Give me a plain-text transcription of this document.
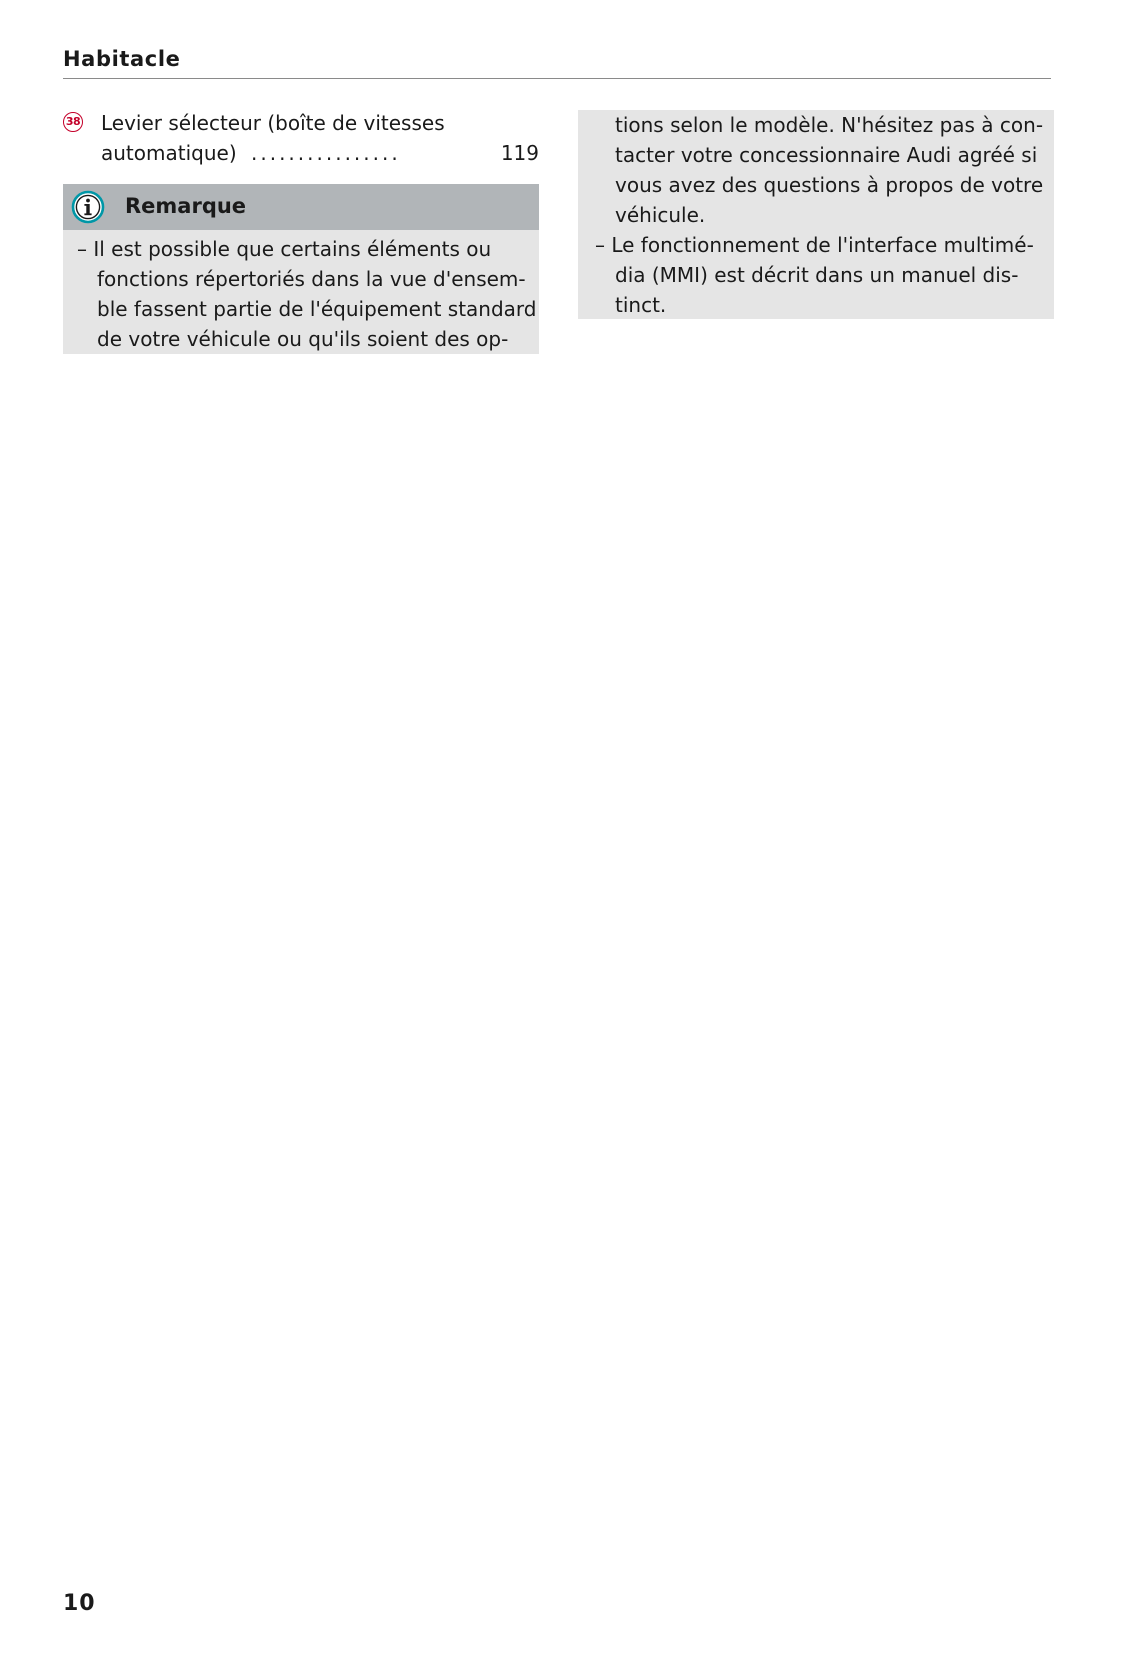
Habitacle
38 Levier sélecteur (boîte de vitesses
automatique) ................	119
Remarque
– Il est possible que certains éléments ou
fonctions répertoriés dans la vue d'ensem-
ble fassent partie de l'équipement standard
de votre véhicule ou qu'ils soient des op-
tions selon le modèle. N'hésitez pas à con-
tacter votre concessionnaire Audi agréé si
vous avez des questions à propos de votre
véhicule.
– Le fonctionnement de l'interface multimé-
dia (MMI) est décrit dans un manuel dis-
tinct.
10
